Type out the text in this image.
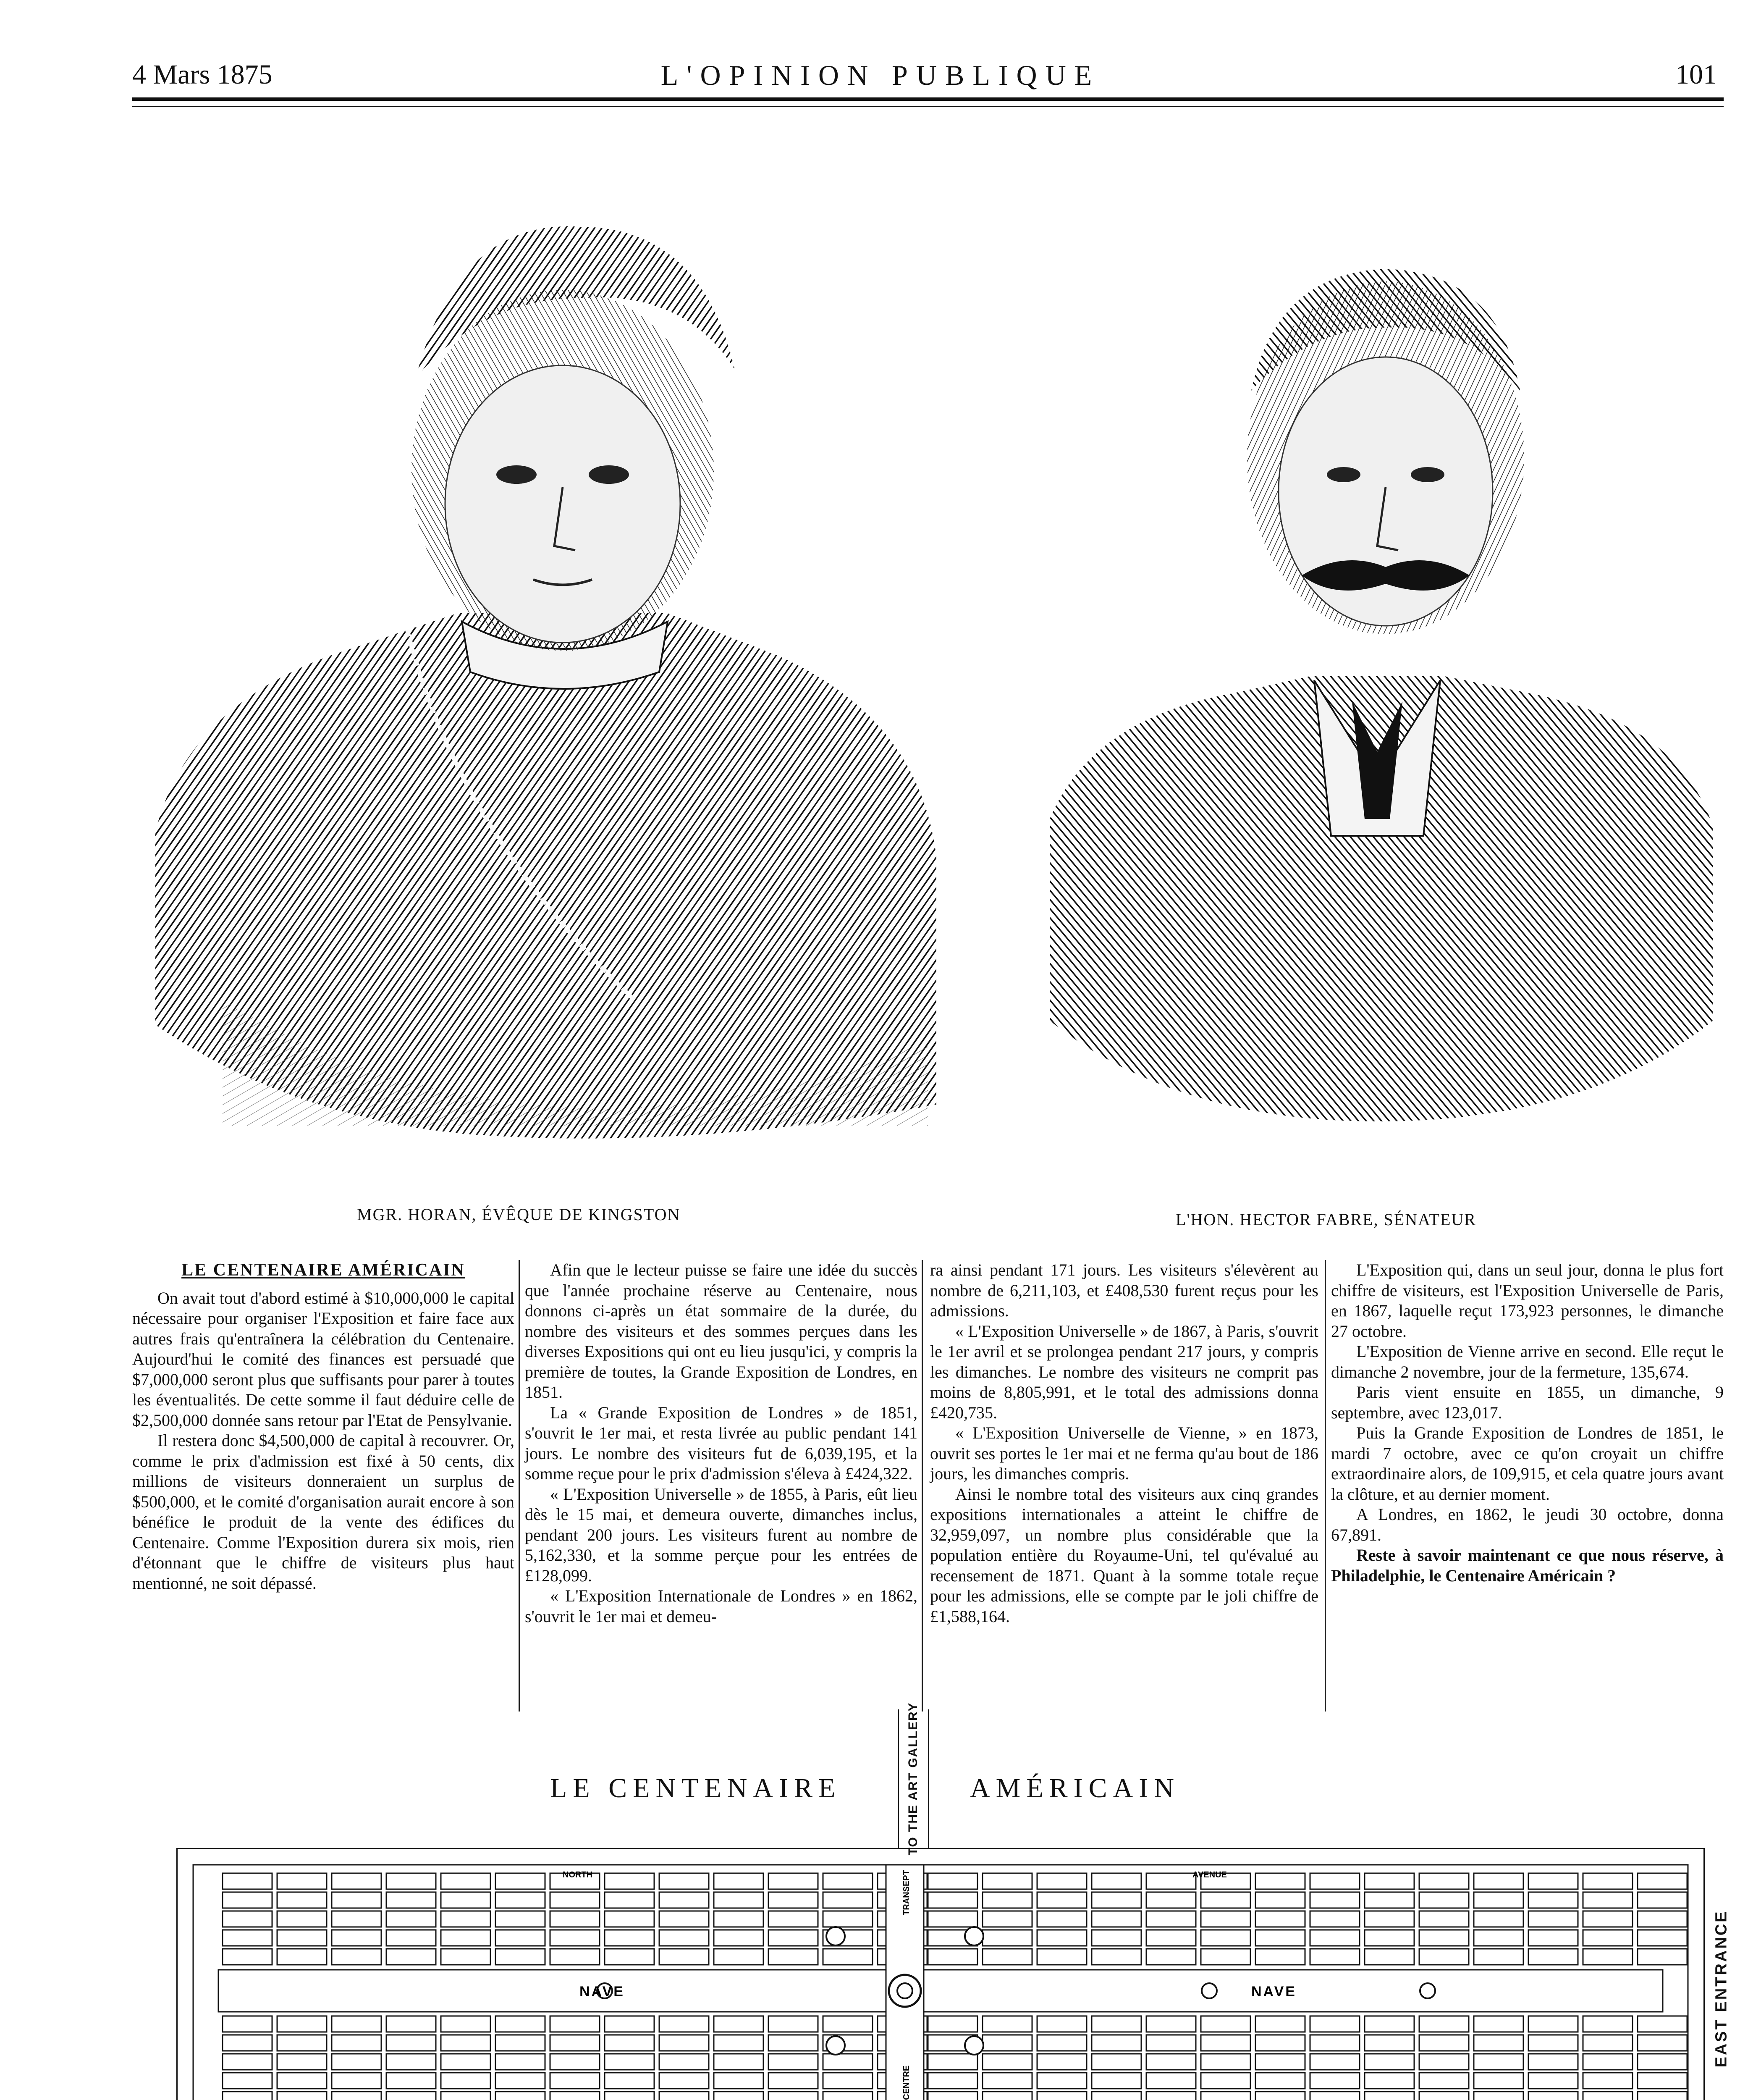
4 Mars 1875	L'OPINION PUBLIQUE	101
MGR. HORAN, ÉVÊQUE DE KINGSTON	L'HON. HECTOR FABRE, SÉNATEUR
LE CENTENAIRE AMÉRICAIN

On avait tout d'abord estimé à $10,000,000 le capital nécessaire pour organiser l'Exposition et faire face aux autres frais qu'entraînera la célébration du Centenaire. Aujourd'hui le comité des finances est persuadé que $7,000,000 seront plus que suffisants pour parer à toutes les éventualités. De cette somme il faut déduire celle de $2,500,000 donnée sans retour par l'Etat de Pensylvanie.

Il restera donc $4,500,000 de capital à recouvrer. Or, comme le prix d'admission est fixé à 50 cents, dix millions de visiteurs donneraient un surplus de $500,000, et le comité d'organisation aurait encore à son bénéfice le produit de la vente des édifices du Centenaire. Comme l'Exposition durera six mois, rien d'étonnant que le chiffre de visiteurs plus haut mentionné, ne soit dépassé.

Afin que le lecteur puisse se faire une idée du succès que l'année prochaine réserve au Centenaire, nous donnons ci-après un état sommaire de la durée, du nombre des visiteurs et des sommes perçues dans les diverses Expositions qui ont eu lieu jusqu'ici, y compris la première de toutes, la Grande Exposition de Londres, en 1851.

La « Grande Exposition de Londres » de 1851, s'ouvrit le 1er mai, et resta livrée au public pendant 141 jours. Le nombre des visiteurs fut de 6,039,195, et la somme reçue pour le prix d'admission s'éleva à £424,322.

« L'Exposition Universelle » de 1855, à Paris, eût lieu dès le 15 mai, et demeura ouverte, dimanches inclus, pendant 200 jours. Les visiteurs furent au nombre de 5,162,330, et la somme perçue pour les entrées de £128,099.

« L'Exposition Internationale de Londres » en 1862, s'ouvrit le 1er mai et demeu-

ra ainsi pendant 171 jours. Les visiteurs s'élevèrent au nombre de 6,211,103, et £408,530 furent reçus pour les admissions.

« L'Exposition Universelle » de 1867, à Paris, s'ouvrit le 1er avril et se prolongea pendant 217 jours, y compris les dimanches. Le nombre des visiteurs ne comprit pas moins de 8,805,991, et le total des admissions donna £420,735.

« L'Exposition Universelle de Vienne, » en 1873, ouvrit ses portes le 1er mai et ne ferma qu'au bout de 186 jours, les dimanches compris.

Ainsi le nombre total des visiteurs aux cinq grandes expositions internationales a atteint le chiffre de 32,959,097, un nombre plus considérable que la population entière du Royaume-Uni, tel qu'évalué au recensement de 1871. Quant à la somme totale reçue pour les admissions, elle se compte par le joli chiffre de £1,588,164.

L'Exposition qui, dans un seul jour, donna le plus fort chiffre de visiteurs, est l'Exposition Universelle de Paris, en 1867, laquelle reçut 173,923 personnes, le dimanche 27 octobre.

L'Exposition de Vienne arrive en second. Elle reçut le dimanche 2 novembre, jour de la fermeture, 135,674.

Paris vient ensuite en 1855, un dimanche, 9 septembre, avec 123,017.

Puis la Grande Exposition de Londres de 1851, le mardi 7 octobre, avec ce qu'on croyait un chiffre extraordinaire alors, de 109,915, et cela quatre jours avant la clôture, et au dernier moment.

A Londres, en 1862, le jeudi 30 octobre, donna 67,891.

Reste à savoir maintenant ce que nous réserve, à Philadelphie, le Centenaire Américain ?

LE CENTENAIRE	AMÉRICAIN
TO THE ART GALLERY
NAVE	NAVE
NORTH	AVENUE
TRANSEPT
CENTRE
EAST ENTRANCE
